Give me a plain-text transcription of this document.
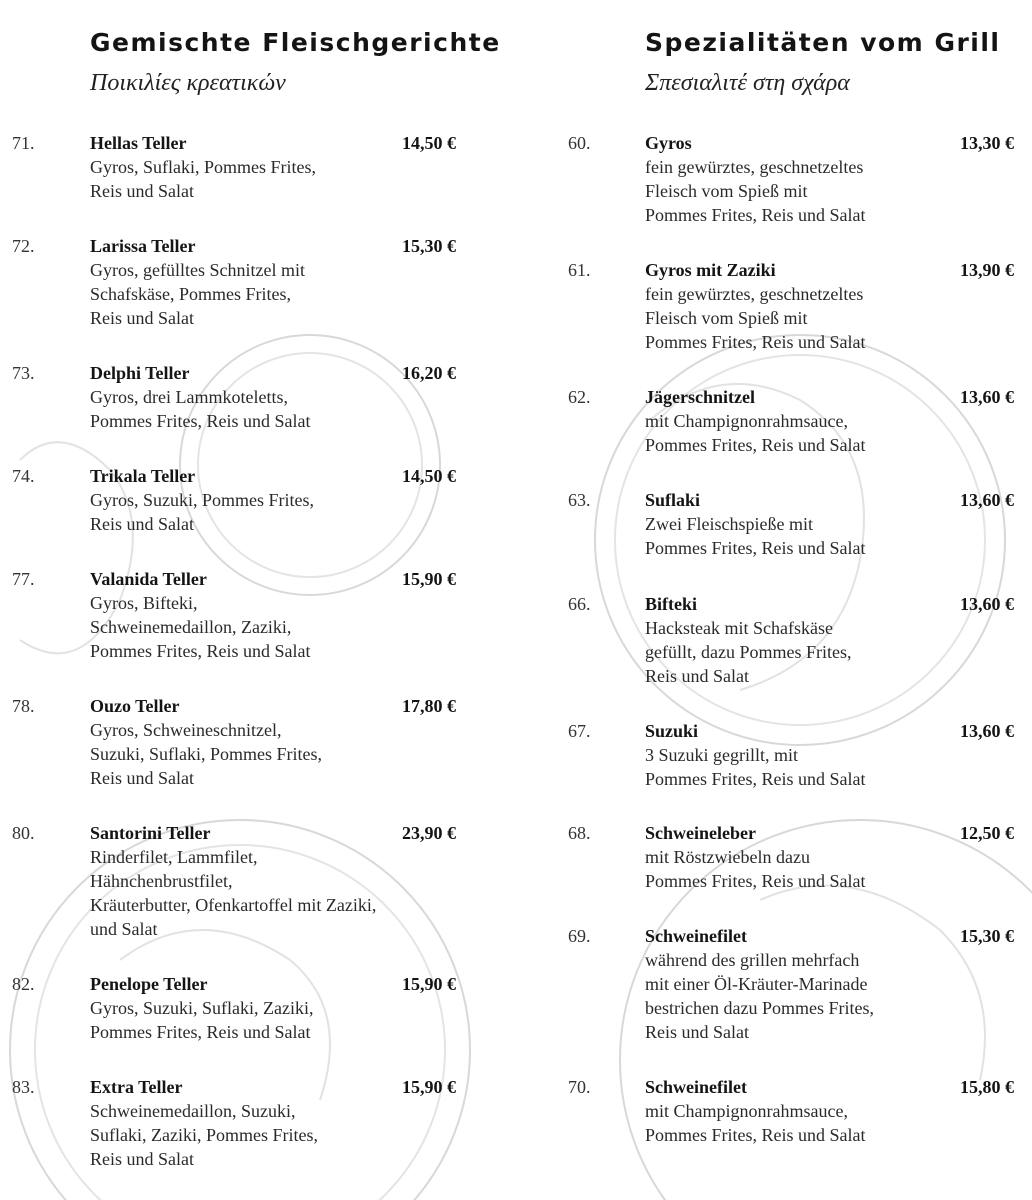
Gemischte Fleischgerichte
Ποικιλίες κρεατικών
71.	Hellas Teller	14,50 €
Gyros, Suflaki, Pommes Frites,
Reis und Salat
72.	Larissa Teller	15,30 €
Gyros, gefülltes Schnitzel mit
Schafskäse, Pommes Frites,
Reis und Salat
73.	Delphi Teller	16,20 €
Gyros, drei Lammkoteletts,
Pommes Frites, Reis und Salat
74.	Trikala Teller	14,50 €
Gyros, Suzuki, Pommes Frites,
Reis und Salat
77.	Valanida Teller	15,90 €
Gyros, Bifteki,
Schweinemedaillon, Zaziki,
Pommes Frites, Reis und Salat
78.	Ouzo Teller	17,80 €
Gyros, Schweineschnitzel,
Suzuki, Suflaki, Pommes Frites,
Reis und Salat
80.	Santorini Teller	23,90 €
Rinderfilet, Lammfilet,
Hähnchenbrustfilet,
Kräuterbutter, Ofenkartoffel mit Zaziki,
und Salat
82.	Penelope Teller	15,90 €
Gyros, Suzuki, Suflaki, Zaziki,
Pommes Frites, Reis und Salat
83.	Extra Teller	15,90 €
Schweinemedaillon, Suzuki,
Suflaki, Zaziki, Pommes Frites,
Reis und Salat
Spezialitäten vom Grill
Σπεσιαλιτέ στη σχάρα
60.	Gyros	13,30 €
fein gewürztes, geschnetzeltes
Fleisch vom Spieß mit
Pommes Frites, Reis und Salat
61.	Gyros mit Zaziki	13,90 €
fein gewürztes, geschnetzeltes
Fleisch vom Spieß mit
Pommes Frites, Reis und Salat
62.	Jägerschnitzel	13,60 €
mit Champignonrahmsauce,
Pommes Frites, Reis und Salat
63.	Suflaki	13,60 €
Zwei Fleischspieße mit
Pommes Frites, Reis und Salat
66.	Bifteki	13,60 €
Hacksteak mit Schafskäse
gefüllt, dazu Pommes Frites,
Reis und Salat
67.	Suzuki	13,60 €
3 Suzuki gegrillt, mit
Pommes Frites, Reis und Salat
68.	Schweineleber	12,50 €
mit Röstzwiebeln dazu
Pommes Frites, Reis und Salat
69.	Schweinefilet	15,30 €
während des grillen mehrfach
mit einer Öl-Kräuter-Marinade
bestrichen dazu Pommes Frites,
Reis und Salat
70.	Schweinefilet	15,80 €
mit Champignonrahmsauce,
Pommes Frites, Reis und Salat
